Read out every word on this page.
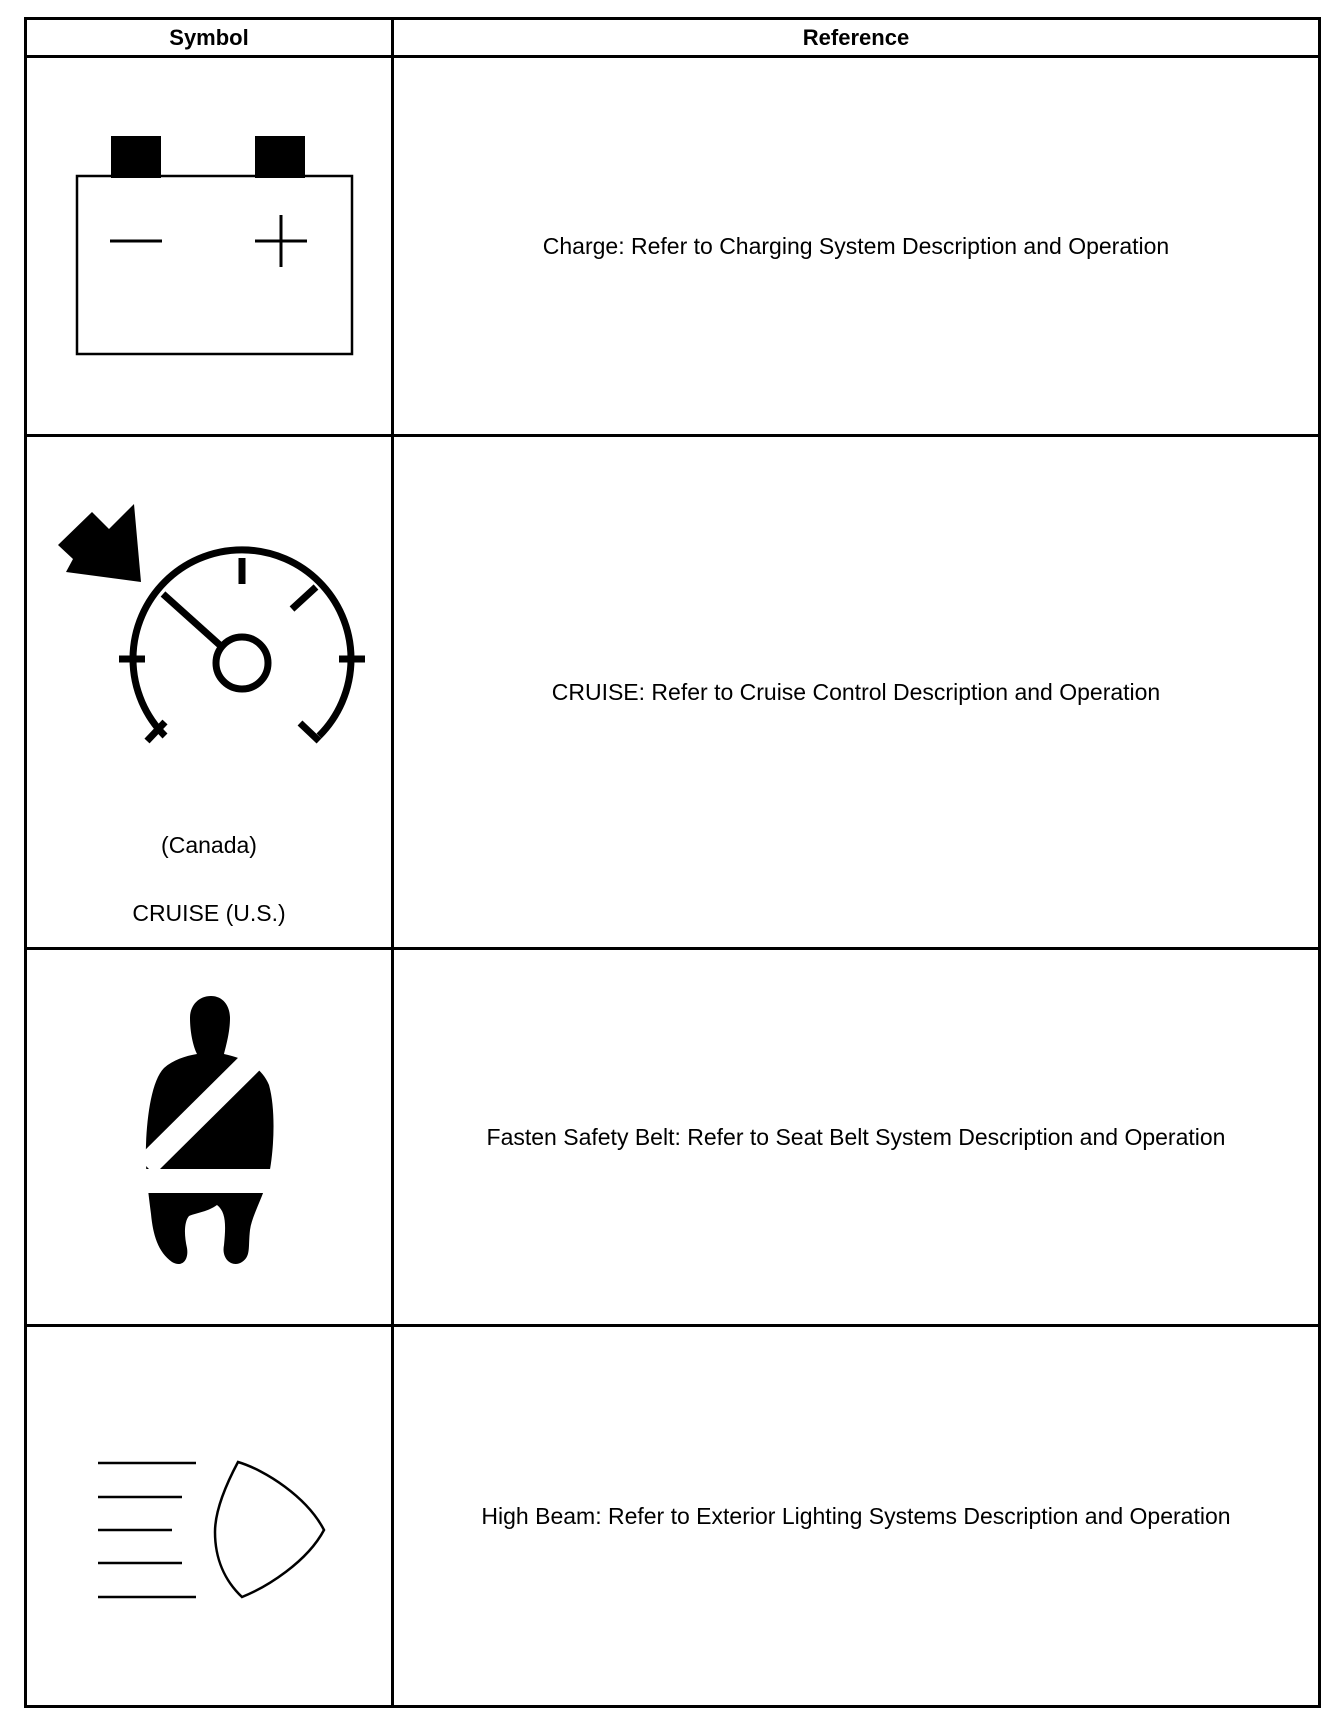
Symbol	Reference

	Charge: Refer to Charging System Description and Operation

(Canada)
CRUISE (U.S.)	CRUISE: Refer to Cruise Control Description and Operation

	Fasten Safety Belt: Refer to Seat Belt System Description and Operation

	High Beam: Refer to Exterior Lighting Systems Description and Operation
